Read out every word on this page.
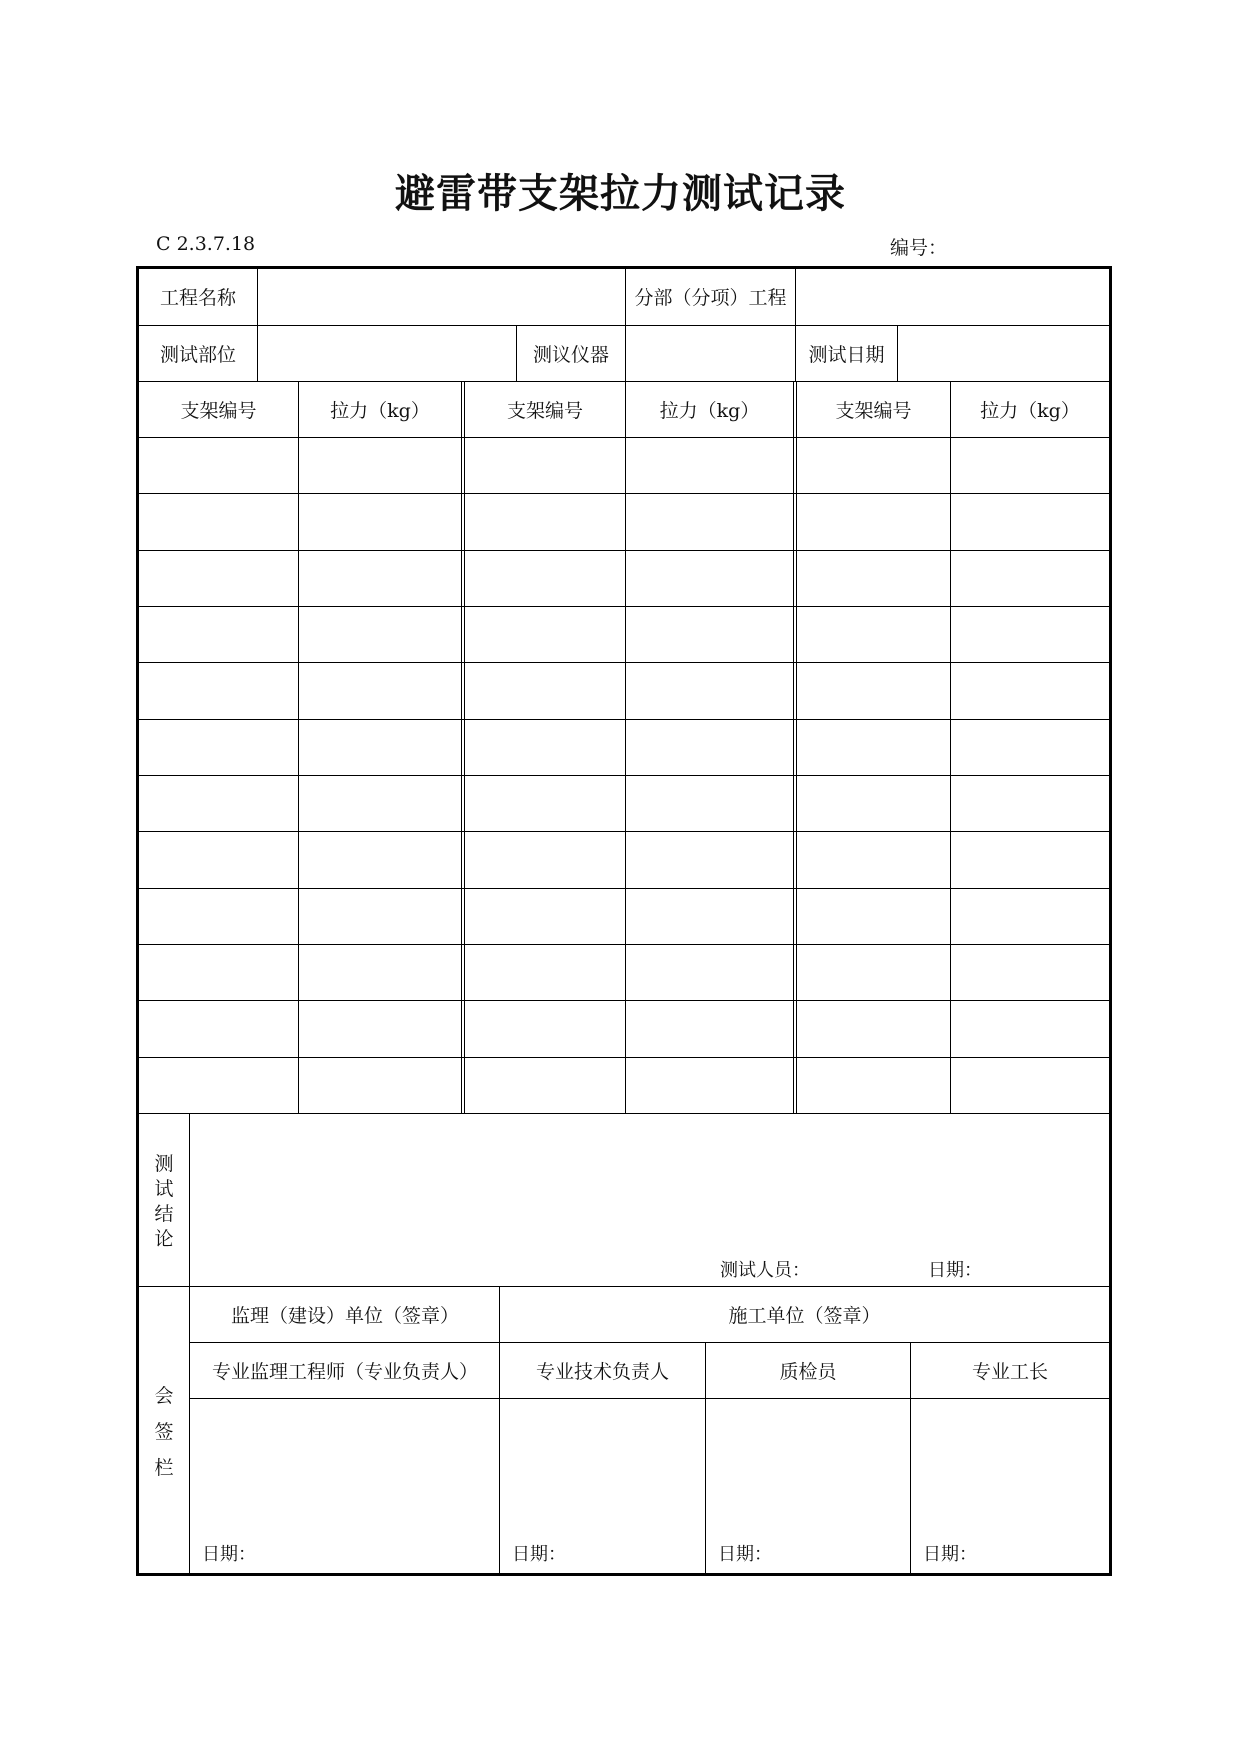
避雷带支架拉力测试记录
C 2.3.7.18	编号：
工程名称	分部（分项）工程
测试部位	测议仪器	测试日期
支架编号	拉力（kg）	支架编号	拉力（kg）	支架编号	拉力（kg）
测
试
结
论
测试人员：	日期：
会
签
栏
监理（建设）单位（签章）	施工单位（签章）
专业监理工程师（专业负责人）	专业技术负责人	质检员	专业工长
日期：	日期：	日期：	日期：
